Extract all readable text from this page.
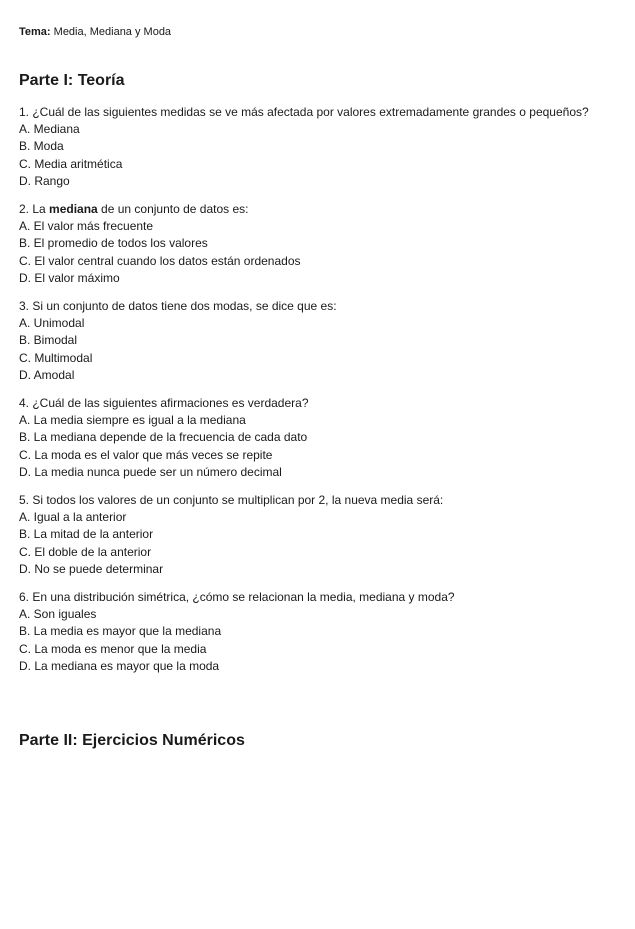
Tema: Media, Mediana y Moda
Parte I: Teoría
1. ¿Cuál de las siguientes medidas se ve más afectada por valores extremadamente grandes o pequeños?
A. Mediana
B. Moda
C. Media aritmética
D. Rango
2. La mediana de un conjunto de datos es:
A. El valor más frecuente
B. El promedio de todos los valores
C. El valor central cuando los datos están ordenados
D. El valor máximo
3. Si un conjunto de datos tiene dos modas, se dice que es:
A. Unimodal
B. Bimodal
C. Multimodal
D. Amodal
4. ¿Cuál de las siguientes afirmaciones es verdadera?
A. La media siempre es igual a la mediana
B. La mediana depende de la frecuencia de cada dato
C. La moda es el valor que más veces se repite
D. La media nunca puede ser un número decimal
5. Si todos los valores de un conjunto se multiplican por 2, la nueva media será:
A. Igual a la anterior
B. La mitad de la anterior
C. El doble de la anterior
D. No se puede determinar
6. En una distribución simétrica, ¿cómo se relacionan la media, mediana y moda?
A. Son iguales
B. La media es mayor que la mediana
C. La moda es menor que la media
D. La mediana es mayor que la moda
Parte II: Ejercicios Numéricos
